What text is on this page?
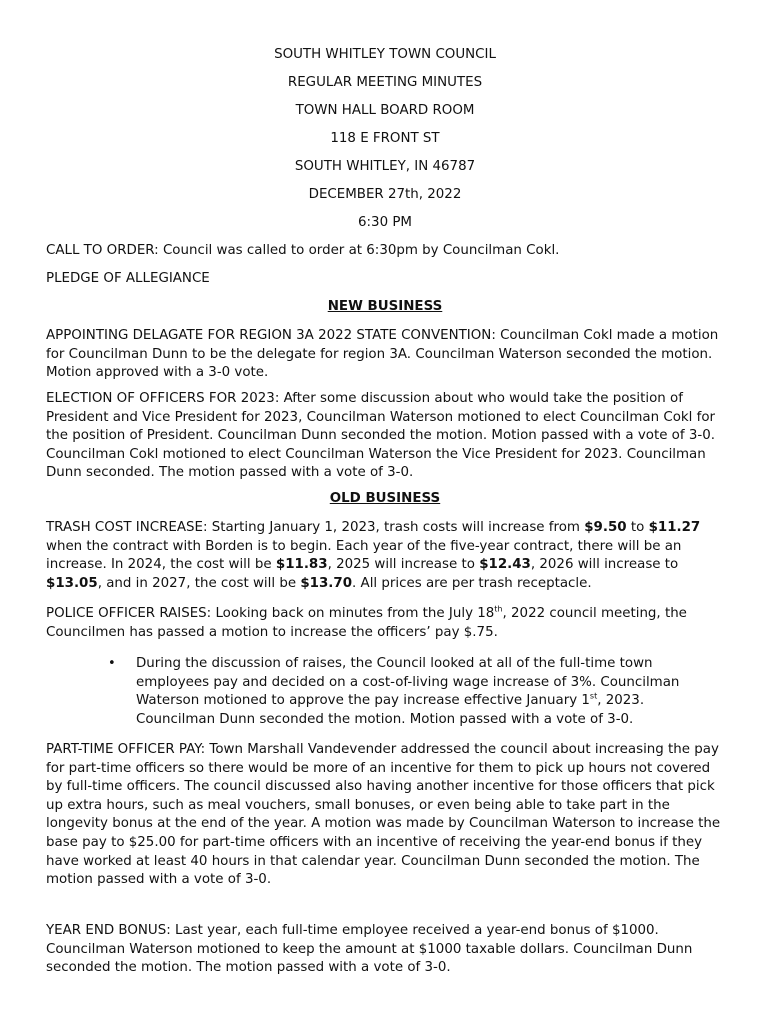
SOUTH WHITLEY TOWN COUNCIL
REGULAR MEETING MINUTES
TOWN HALL BOARD ROOM
118 E FRONT ST
SOUTH WHITLEY, IN 46787
DECEMBER 27th, 2022
6:30 PM
CALL TO ORDER: Council was called to order at 6:30pm by Councilman Cokl.
PLEDGE OF ALLEGIANCE
NEW BUSINESS
APPOINTING DELAGATE FOR REGION 3A 2022 STATE CONVENTION: Councilman Cokl made a motion for Councilman Dunn to be the delegate for region 3A. Councilman Waterson seconded the motion. Motion approved with a 3-0 vote.
ELECTION OF OFFICERS FOR 2023: After some discussion about who would take the position of President and Vice President for 2023, Councilman Waterson motioned to elect Councilman Cokl for the position of President. Councilman Dunn seconded the motion. Motion passed with a vote of 3-0. Councilman Cokl motioned to elect Councilman Waterson the Vice President for 2023. Councilman Dunn seconded. The motion passed with a vote of 3-0.
OLD BUSINESS
TRASH COST INCREASE: Starting January 1, 2023, trash costs will increase from $9.50 to $11.27 when the contract with Borden is to begin. Each year of the five-year contract, there will be an increase. In 2024, the cost will be $11.83, 2025 will increase to $12.43, 2026 will increase to $13.05, and in 2027, the cost will be $13.70. All prices are per trash receptacle.
POLICE OFFICER RAISES: Looking back on minutes from the July 18th, 2022 council meeting, the Councilmen has passed a motion to increase the officers’ pay $.75.
• During the discussion of raises, the Council looked at all of the full-time town employees pay and decided on a cost-of-living wage increase of 3%. Councilman Waterson motioned to approve the pay increase effective January 1st, 2023. Councilman Dunn seconded the motion. Motion passed with a vote of 3-0.
PART-TIME OFFICER PAY: Town Marshall Vandevender addressed the council about increasing the pay for part-time officers so there would be more of an incentive for them to pick up hours not covered by full-time officers. The council discussed also having another incentive for those officers that pick up extra hours, such as meal vouchers, small bonuses, or even being able to take part in the longevity bonus at the end of the year. A motion was made by Councilman Waterson to increase the base pay to $25.00 for part-time officers with an incentive of receiving the year-end bonus if they have worked at least 40 hours in that calendar year. Councilman Dunn seconded the motion. The motion passed with a vote of 3-0.
YEAR END BONUS: Last year, each full-time employee received a year-end bonus of $1000. Councilman Waterson motioned to keep the amount at $1000 taxable dollars. Councilman Dunn seconded the motion. The motion passed with a vote of 3-0.
